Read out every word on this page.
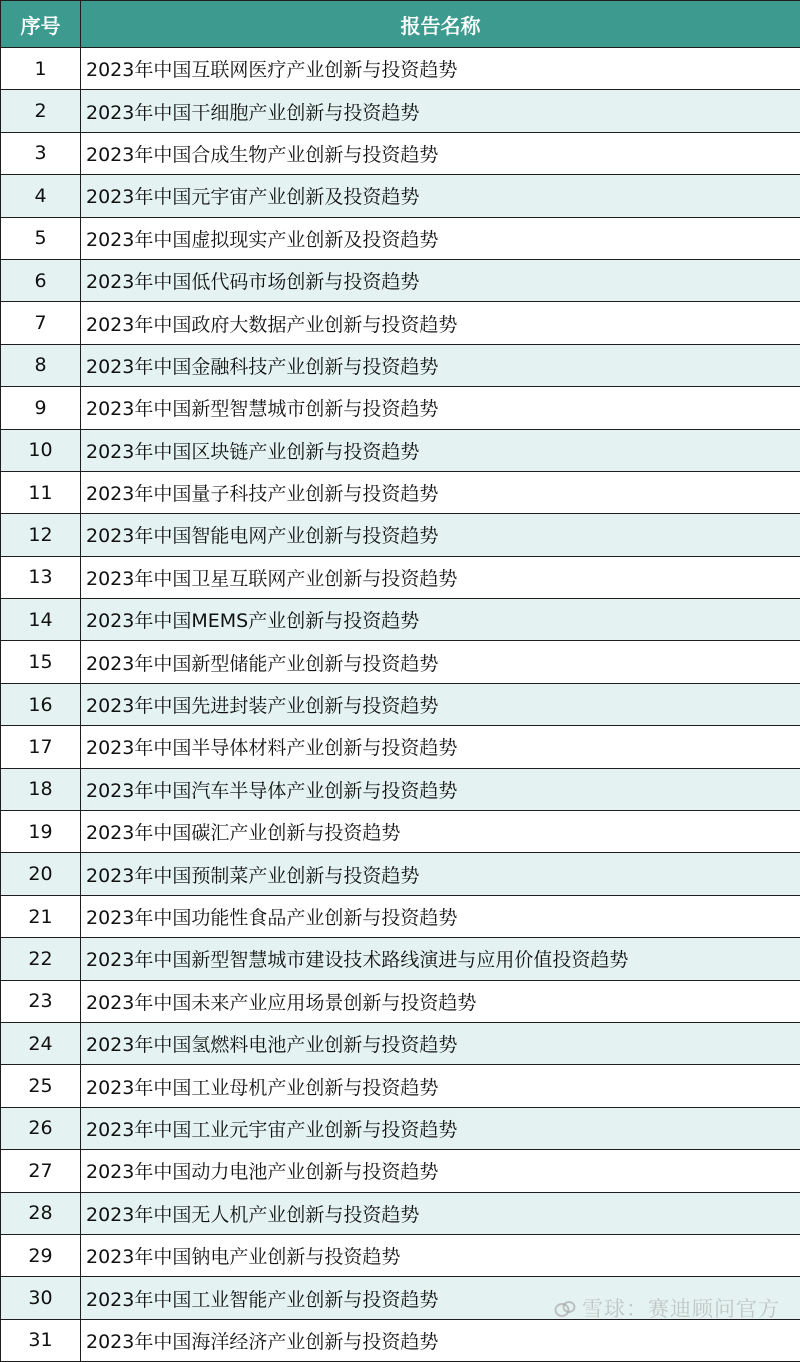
序号	报告名称
1	2023年中国互联网医疗产业创新与投资趋势
2	2023年中国干细胞产业创新与投资趋势
3	2023年中国合成生物产业创新与投资趋势
4	2023年中国元宇宙产业创新及投资趋势
5	2023年中国虚拟现实产业创新及投资趋势
6	2023年中国低代码市场创新与投资趋势
7	2023年中国政府大数据产业创新与投资趋势
8	2023年中国金融科技产业创新与投资趋势
9	2023年中国新型智慧城市创新与投资趋势
10	2023年中国区块链产业创新与投资趋势
11	2023年中国量子科技产业创新与投资趋势
12	2023年中国智能电网产业创新与投资趋势
13	2023年中国卫星互联网产业创新与投资趋势
14	2023年中国MEMS产业创新与投资趋势
15	2023年中国新型储能产业创新与投资趋势
16	2023年中国先进封装产业创新与投资趋势
17	2023年中国半导体材料产业创新与投资趋势
18	2023年中国汽车半导体产业创新与投资趋势
19	2023年中国碳汇产业创新与投资趋势
20	2023年中国预制菜产业创新与投资趋势
21	2023年中国功能性食品产业创新与投资趋势
22	2023年中国新型智慧城市建设技术路线演进与应用价值投资趋势
23	2023年中国未来产业应用场景创新与投资趋势
24	2023年中国氢燃料电池产业创新与投资趋势
25	2023年中国工业母机产业创新与投资趋势
26	2023年中国工业元宇宙产业创新与投资趋势
27	2023年中国动力电池产业创新与投资趋势
28	2023年中国无人机产业创新与投资趋势
29	2023年中国钠电产业创新与投资趋势
30	2023年中国工业智能产业创新与投资趋势
31	2023年中国海洋经济产业创新与投资趋势
雪球：赛迪顾问官方
